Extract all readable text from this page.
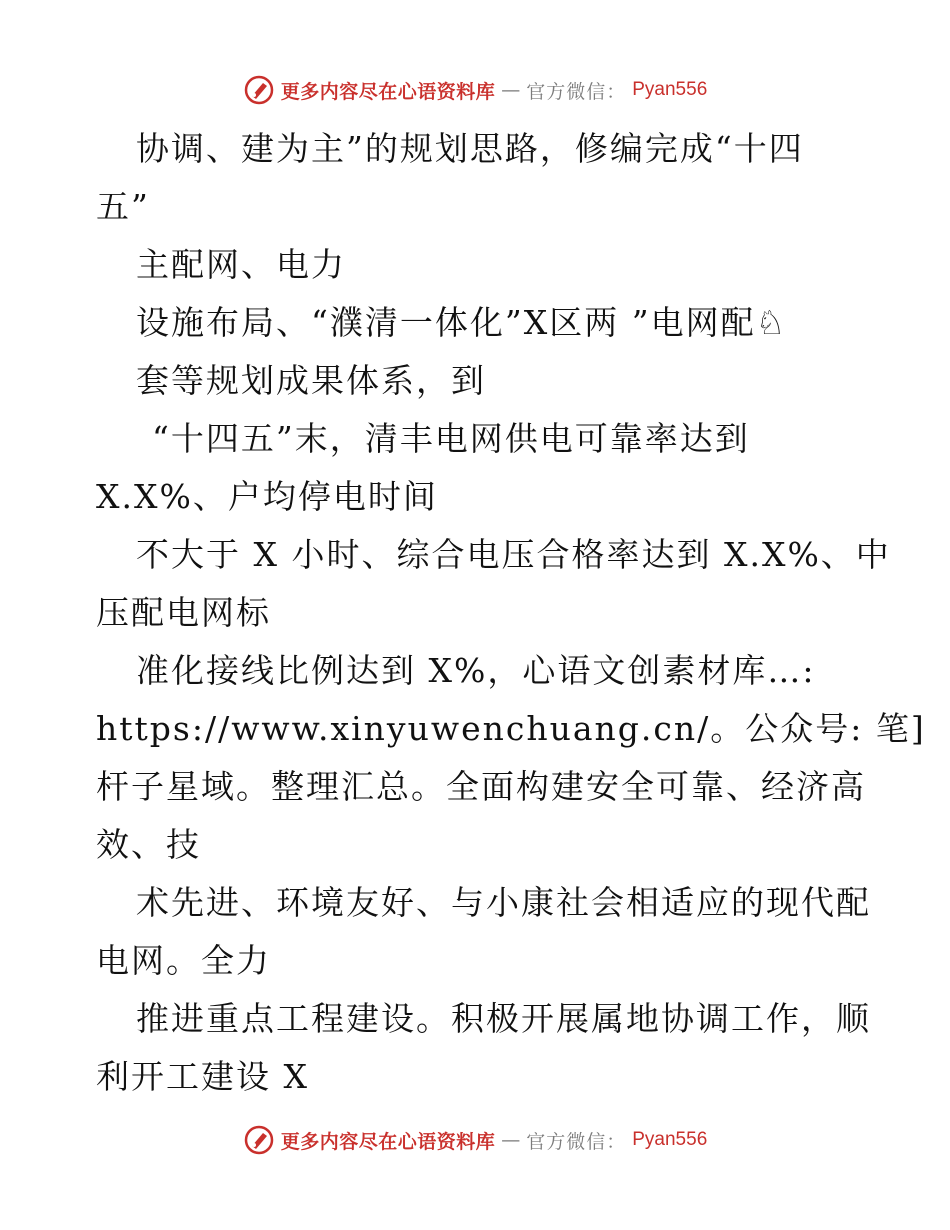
更多内容尽在心语资料库 — 官方微信： Pyan556
协调、建为主”的规划思路，修编完成“十四
五”
主配网、电力
设施布局、“濮清一体化”X区两 ”电网配♘
套等规划成果体系，到
“十四五”末，清丰电网供电可靠率达到
X.X%、户均停电时间
不大于 X 小时、综合电压合格率达到 X.X%、中
压配电网标
准化接线比例达到 X%，心语文创素材库…:
https://www.xinyuwenchuang.cn/。公众号: 笔]
杆子星域。整理汇总。全面构建安全可靠、经济高
效、技
术先进、环境友好、与小康社会相适应的现代配
电网。全力
推进重点工程建设。积极开展属地协调工作，顺
利开工建设 X
更多内容尽在心语资料库 — 官方微信： Pyan556
